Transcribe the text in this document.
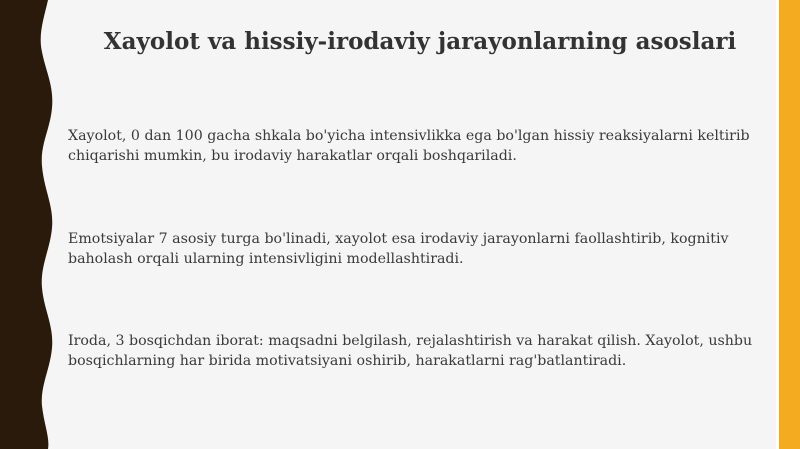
Xayolot va hissiy-irodaviy jarayonlarning asoslari

Xayolot, 0 dan 100 gacha shkala bo'yicha intensivlikka ega bo'lgan hissiy reaksiyalarni keltirib chiqarishi mumkin, bu irodaviy harakatlar orqali boshqariladi.

Emotsiyalar 7 asosiy turga bo'linadi, xayolot esa irodaviy jarayonlarni faollashtirib, kognitiv baholash orqali ularning intensivligini modellashtiradi.

Iroda, 3 bosqichdan iborat: maqsadni belgilash, rejalashtirish va harakat qilish. Xayolot, ushbu bosqichlarning har birida motivatsiyani oshirib, harakatlarni rag'batlantiradi.
